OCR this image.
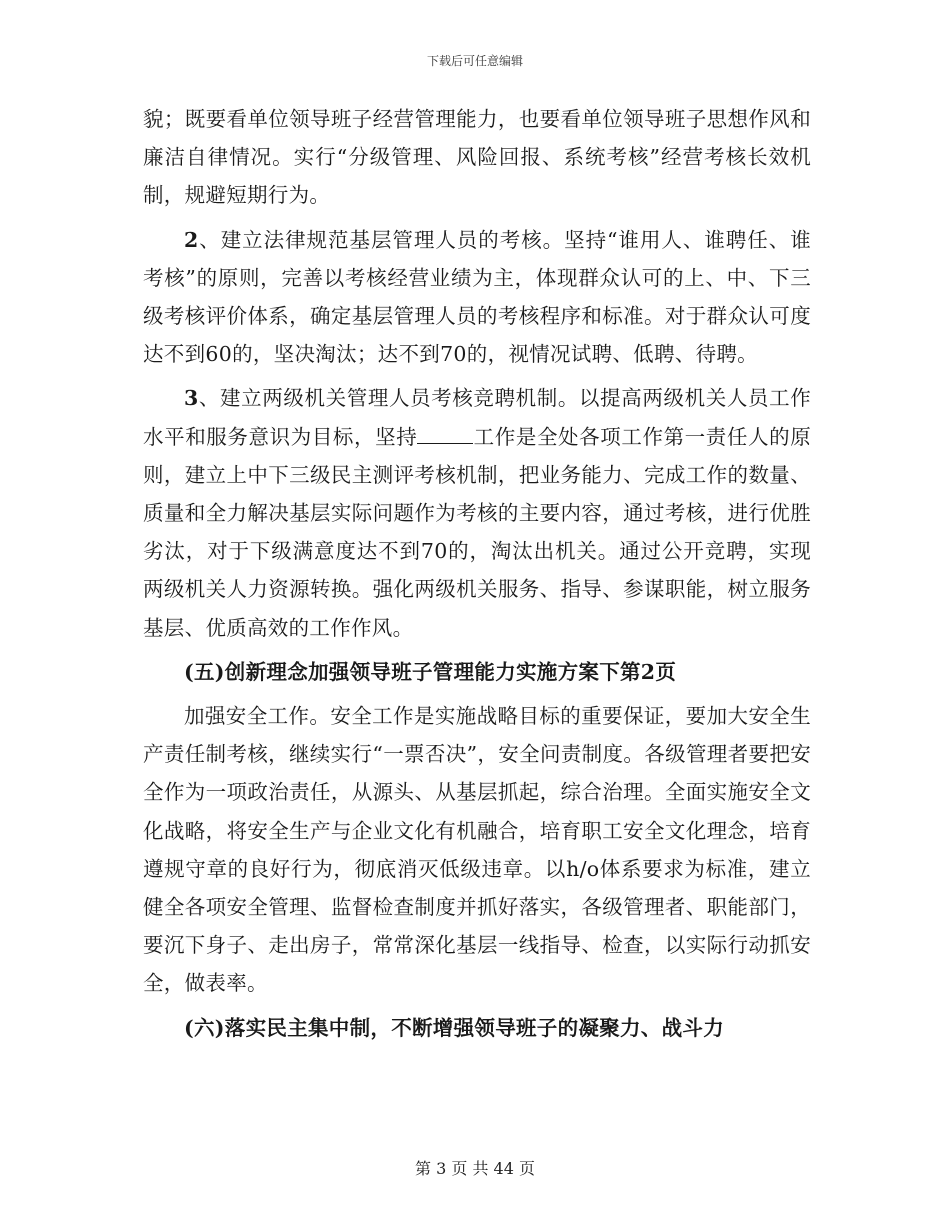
下载后可任意编辑

貌；既要看单位领导班子经营管理能力，也要看单位领导班子思想作风和廉洁自律情况。实行“分级管理、风险回报、系统考核”经营考核长效机制，规避短期行为。

2、建立法律规范基层管理人员的考核。坚持“谁用人、谁聘任、谁考核”的原则，完善以考核经营业绩为主，体现群众认可的上、中、下三级考核评价体系，确定基层管理人员的考核程序和标准。对于群众认可度达不到60的，坚决淘汰；达不到70的，视情况试聘、低聘、待聘。

3、建立两级机关管理人员考核竞聘机制。以提高两级机关人员工作水平和服务意识为目标，坚持	工作是全处各项工作第一责任人的原则，建立上中下三级民主测评考核机制，把业务能力、完成工作的数量、质量和全力解决基层实际问题作为考核的主要内容，通过考核，进行优胜劣汰，对于下级满意度达不到70的，淘汰出机关。通过公开竞聘，实现两级机关人力资源转换。强化两级机关服务、指导、参谋职能，树立服务基层、优质高效的工作作风。

(五)创新理念加强领导班子管理能力实施方案下第2页

加强安全工作。安全工作是实施战略目标的重要保证，要加大安全生产责任制考核，继续实行“一票否决”，安全问责制度。各级管理者要把安全作为一项政治责任，从源头、从基层抓起，综合治理。全面实施安全文化战略，将安全生产与企业文化有机融合，培育职工安全文化理念，培育遵规守章的良好行为，彻底消灭低级违章。以h/o体系要求为标准，建立健全各项安全管理、监督检查制度并抓好落实，各级管理者、职能部门，要沉下身子、走出房子，常常深化基层一线指导、检查，以实际行动抓安全，做表率。

(六)落实民主集中制，不断增强领导班子的凝聚力、战斗力

第 3 页 共 44 页
